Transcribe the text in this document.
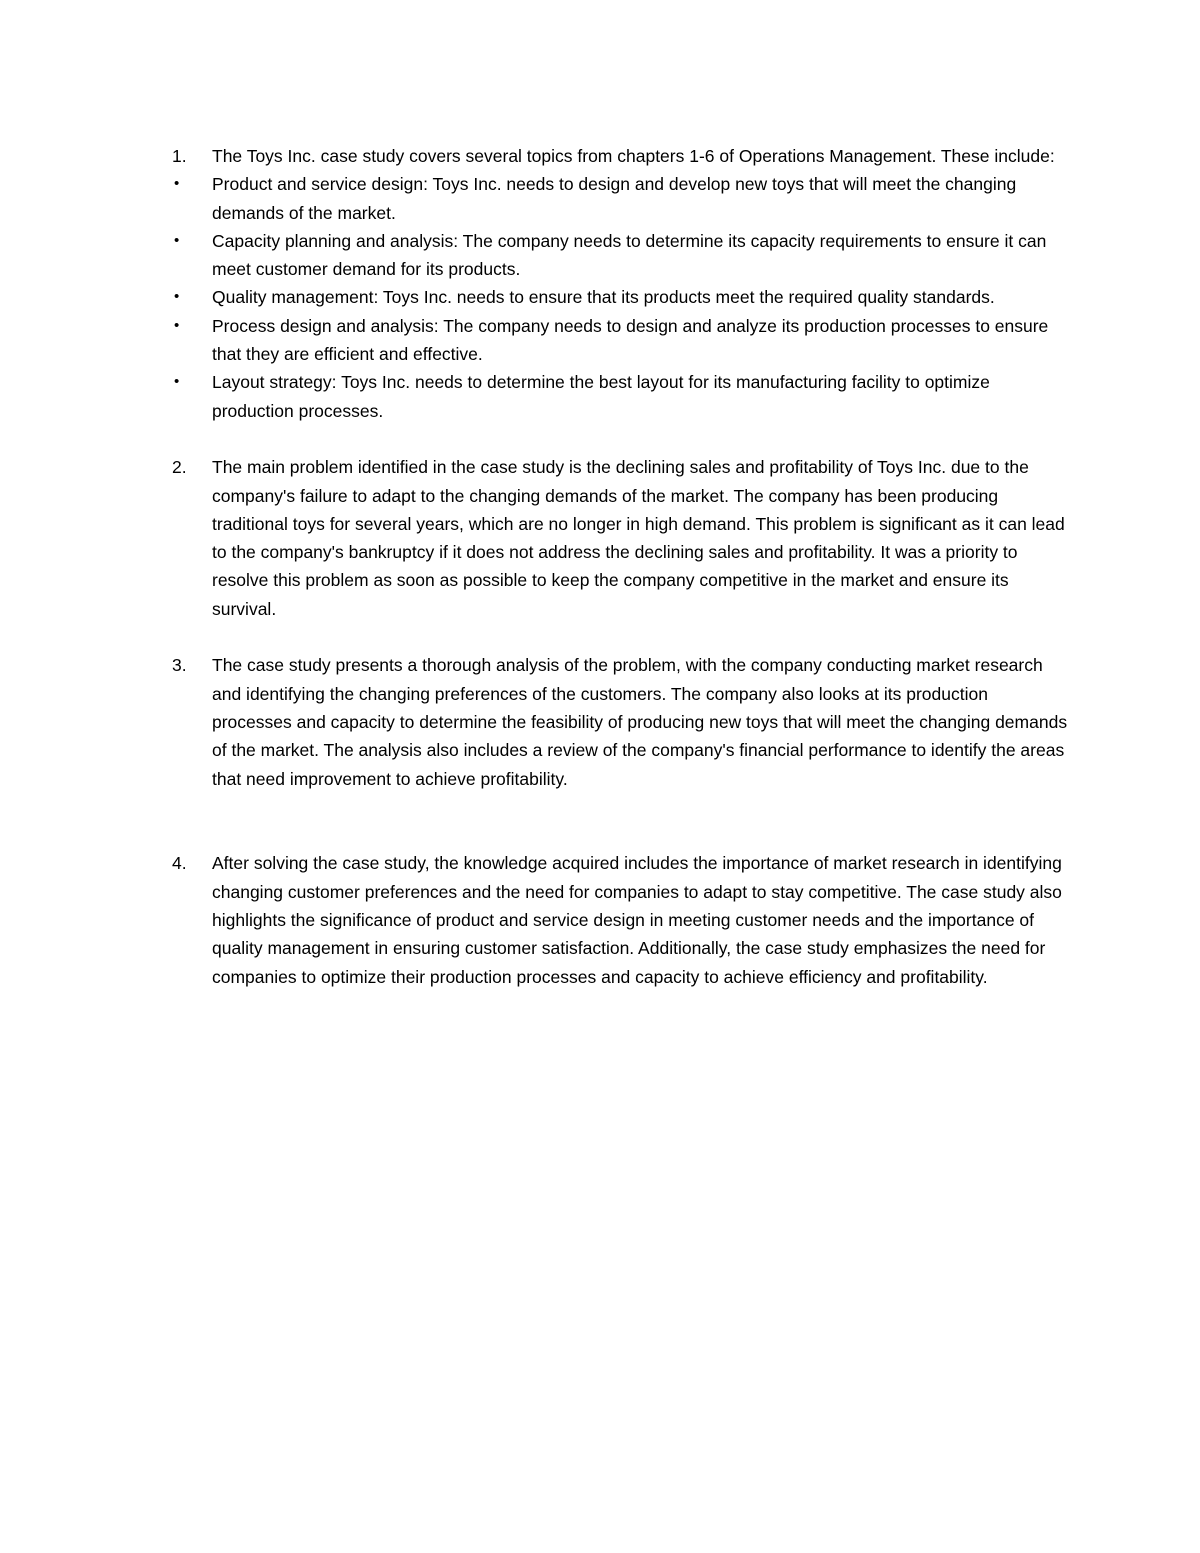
1.	The Toys Inc. case study covers several topics from chapters 1-6 of Operations Management. These include:
• Product and service design: Toys Inc. needs to design and develop new toys that will meet the changing demands of the market.
• Capacity planning and analysis: The company needs to determine its capacity requirements to ensure it can meet customer demand for its products.
• Quality management: Toys Inc. needs to ensure that its products meet the required quality standards.
• Process design and analysis: The company needs to design and analyze its production processes to ensure that they are efficient and effective.
• Layout strategy: Toys Inc. needs to determine the best layout for its manufacturing facility to optimize production processes.
2.	The main problem identified in the case study is the declining sales and profitability of Toys Inc. due to the company's failure to adapt to the changing demands of the market. The company has been producing traditional toys for several years, which are no longer in high demand. This problem is significant as it can lead to the company's bankruptcy if it does not address the declining sales and profitability. It was a priority to resolve this problem as soon as possible to keep the company competitive in the market and ensure its survival.
3.	The case study presents a thorough analysis of the problem, with the company conducting market research and identifying the changing preferences of the customers. The company also looks at its production processes and capacity to determine the feasibility of producing new toys that will meet the changing demands of the market. The analysis also includes a review of the company's financial performance to identify the areas that need improvement to achieve profitability.
4.	After solving the case study, the knowledge acquired includes the importance of market research in identifying changing customer preferences and the need for companies to adapt to stay competitive. The case study also highlights the significance of product and service design in meeting customer needs and the importance of quality management in ensuring customer satisfaction. Additionally, the case study emphasizes the need for companies to optimize their production processes and capacity to achieve efficiency and profitability.
